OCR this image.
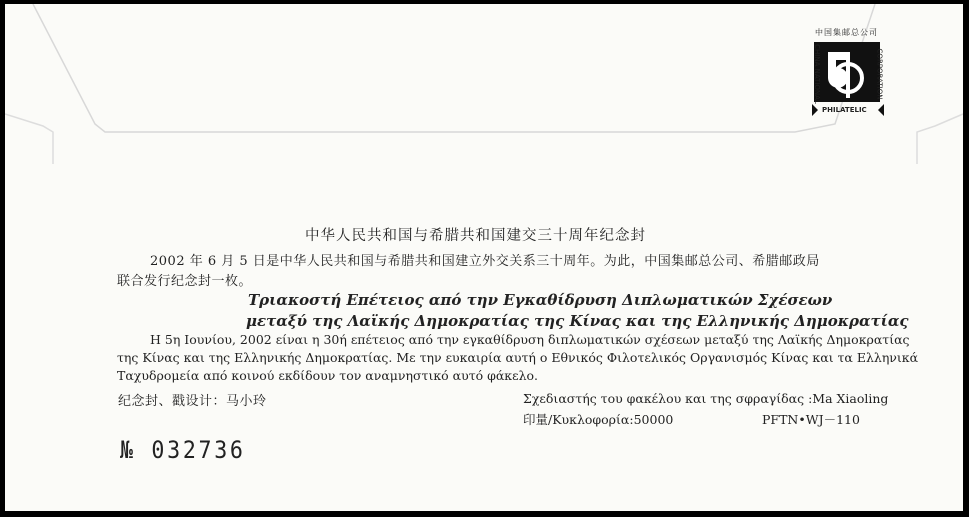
中国集邮总公司
CHINA NATIONAL	CORPORATION
PHILATELIC
中华人民共和国与希腊共和国建交三十周年纪念封
2002 年 6 月 5 日是中华人民共和国与希腊共和国建立外交关系三十周年。为此，中国集邮总公司、希腊邮政局
联合发行纪念封一枚。
Τριακοστή Επέτειος από την Εγκαθίδρυση Διπλωματικών Σχέσεων
μεταξύ της Λαϊκής Δημοκρατίας της Κίνας και της Ελληνικής Δημοκρατίας
Η 5η Ιουνίου, 2002 είναι η 30ή επέτειος από την εγκαθίδρυση διπλωματικών σχέσεων μεταξύ της Λαϊκής Δημοκρατίας
της Κίνας και της Ελληνικής Δημοκρατίας. Με την ευκαιρία αυτή ο Εθνικός Φιλοτελικός Οργανισμός Κίνας και τα Ελληνικά
Ταχυδρομεία από κοινού εκδίδουν τον αναμνηστικό αυτό φάκελο.
纪念封、戳设计：马小玲	Σχεδιαστής του φακέλου και της σφραγίδας :Ma Xiaoling
印量/Κυκλοφορία:50000	PFTN•WJ－110
№ 032736
